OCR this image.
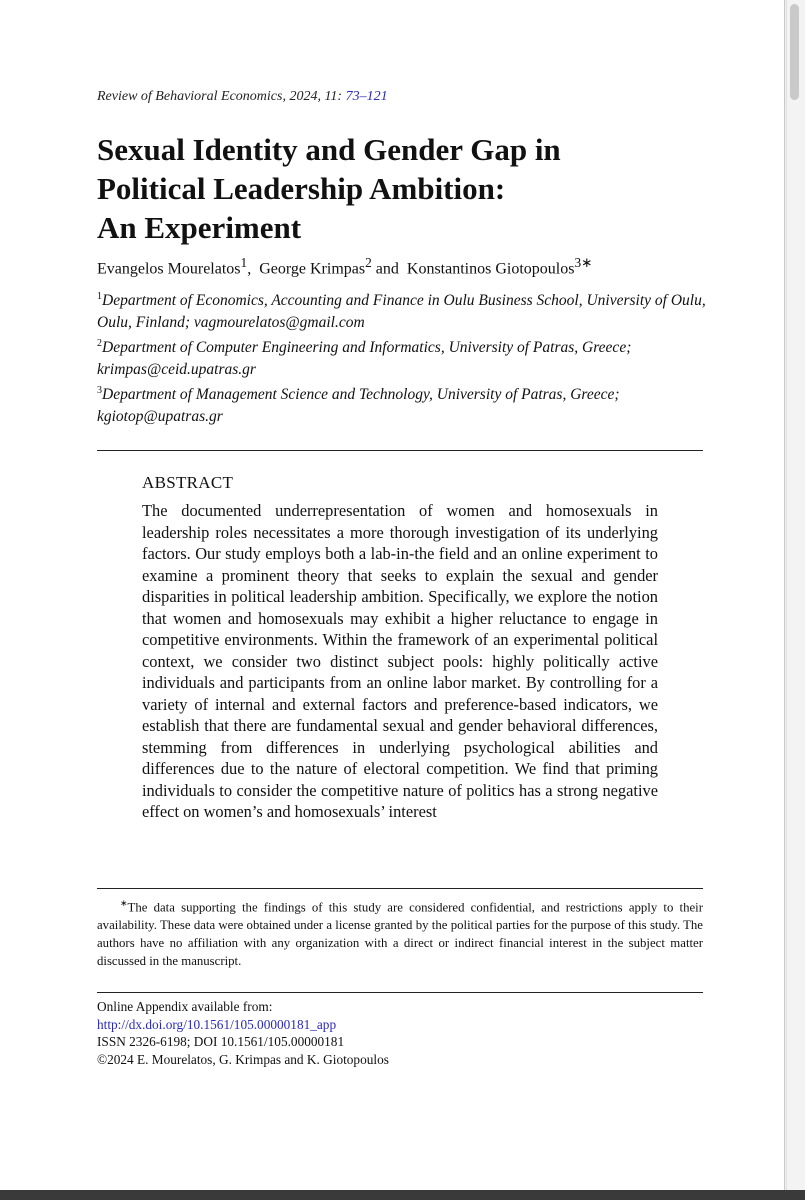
Review of Behavioral Economics, 2024, 11: 73–121
Sexual Identity and Gender Gap in
Political Leadership Ambition:
An Experiment
Evangelos Mourelatos$^1$,  George Krimpas$^2$ and Konstantinos Giotopoulos$^{3∗}$
$^1$Department of Economics, Accounting and Finance in Oulu Business School, University of Oulu, Oulu, Finland; vagmourelatos@gmail.com
$^2$Department of Computer Engineering and Informatics, University of Patras, Greece; krimpas@ceid.upatras.gr
$^3$Department of Management Science and Technology, University of Patras, Greece; kgiotop@upatras.gr
ABSTRACT

The documented underrepresentation of women and homosexuals in leadership roles necessitates a more thorough investigation of its underlying factors. Our study employs both a lab-in-the field and an online experiment to examine a prominent theory that seeks to explain the sexual and gender disparities in political leadership ambition. Specifically, we explore the notion that women and homosexuals may exhibit a higher reluctance to engage in competitive environments. Within the framework of an experimental political context, we consider two distinct subject pools: highly politically active individuals and participants from an online labor market. By controlling for a variety of internal and external factors and preference-based indicators, we establish that there are fundamental sexual and gender behavioral differences, stemming from differences in underlying psychological abilities and differences due to the nature of electoral competition. We find that priming individuals to consider the competitive nature of politics has a strong negative effect on women’s and homosexuals’ interest

∗The data supporting the findings of this study are considered confidential, and restrictions apply to their availability. These data were obtained under a license granted by the political parties for the purpose of this study. The authors have no affiliation with any organization with a direct or indirect financial interest in the subject matter discussed in the manuscript.

Online Appendix available from:
http://dx.doi.org/10.1561/105.00000181_app
ISSN 2326-6198; DOI 10.1561/105.00000181
©2024 E. Mourelatos, G. Krimpas and K. Giotopoulos
